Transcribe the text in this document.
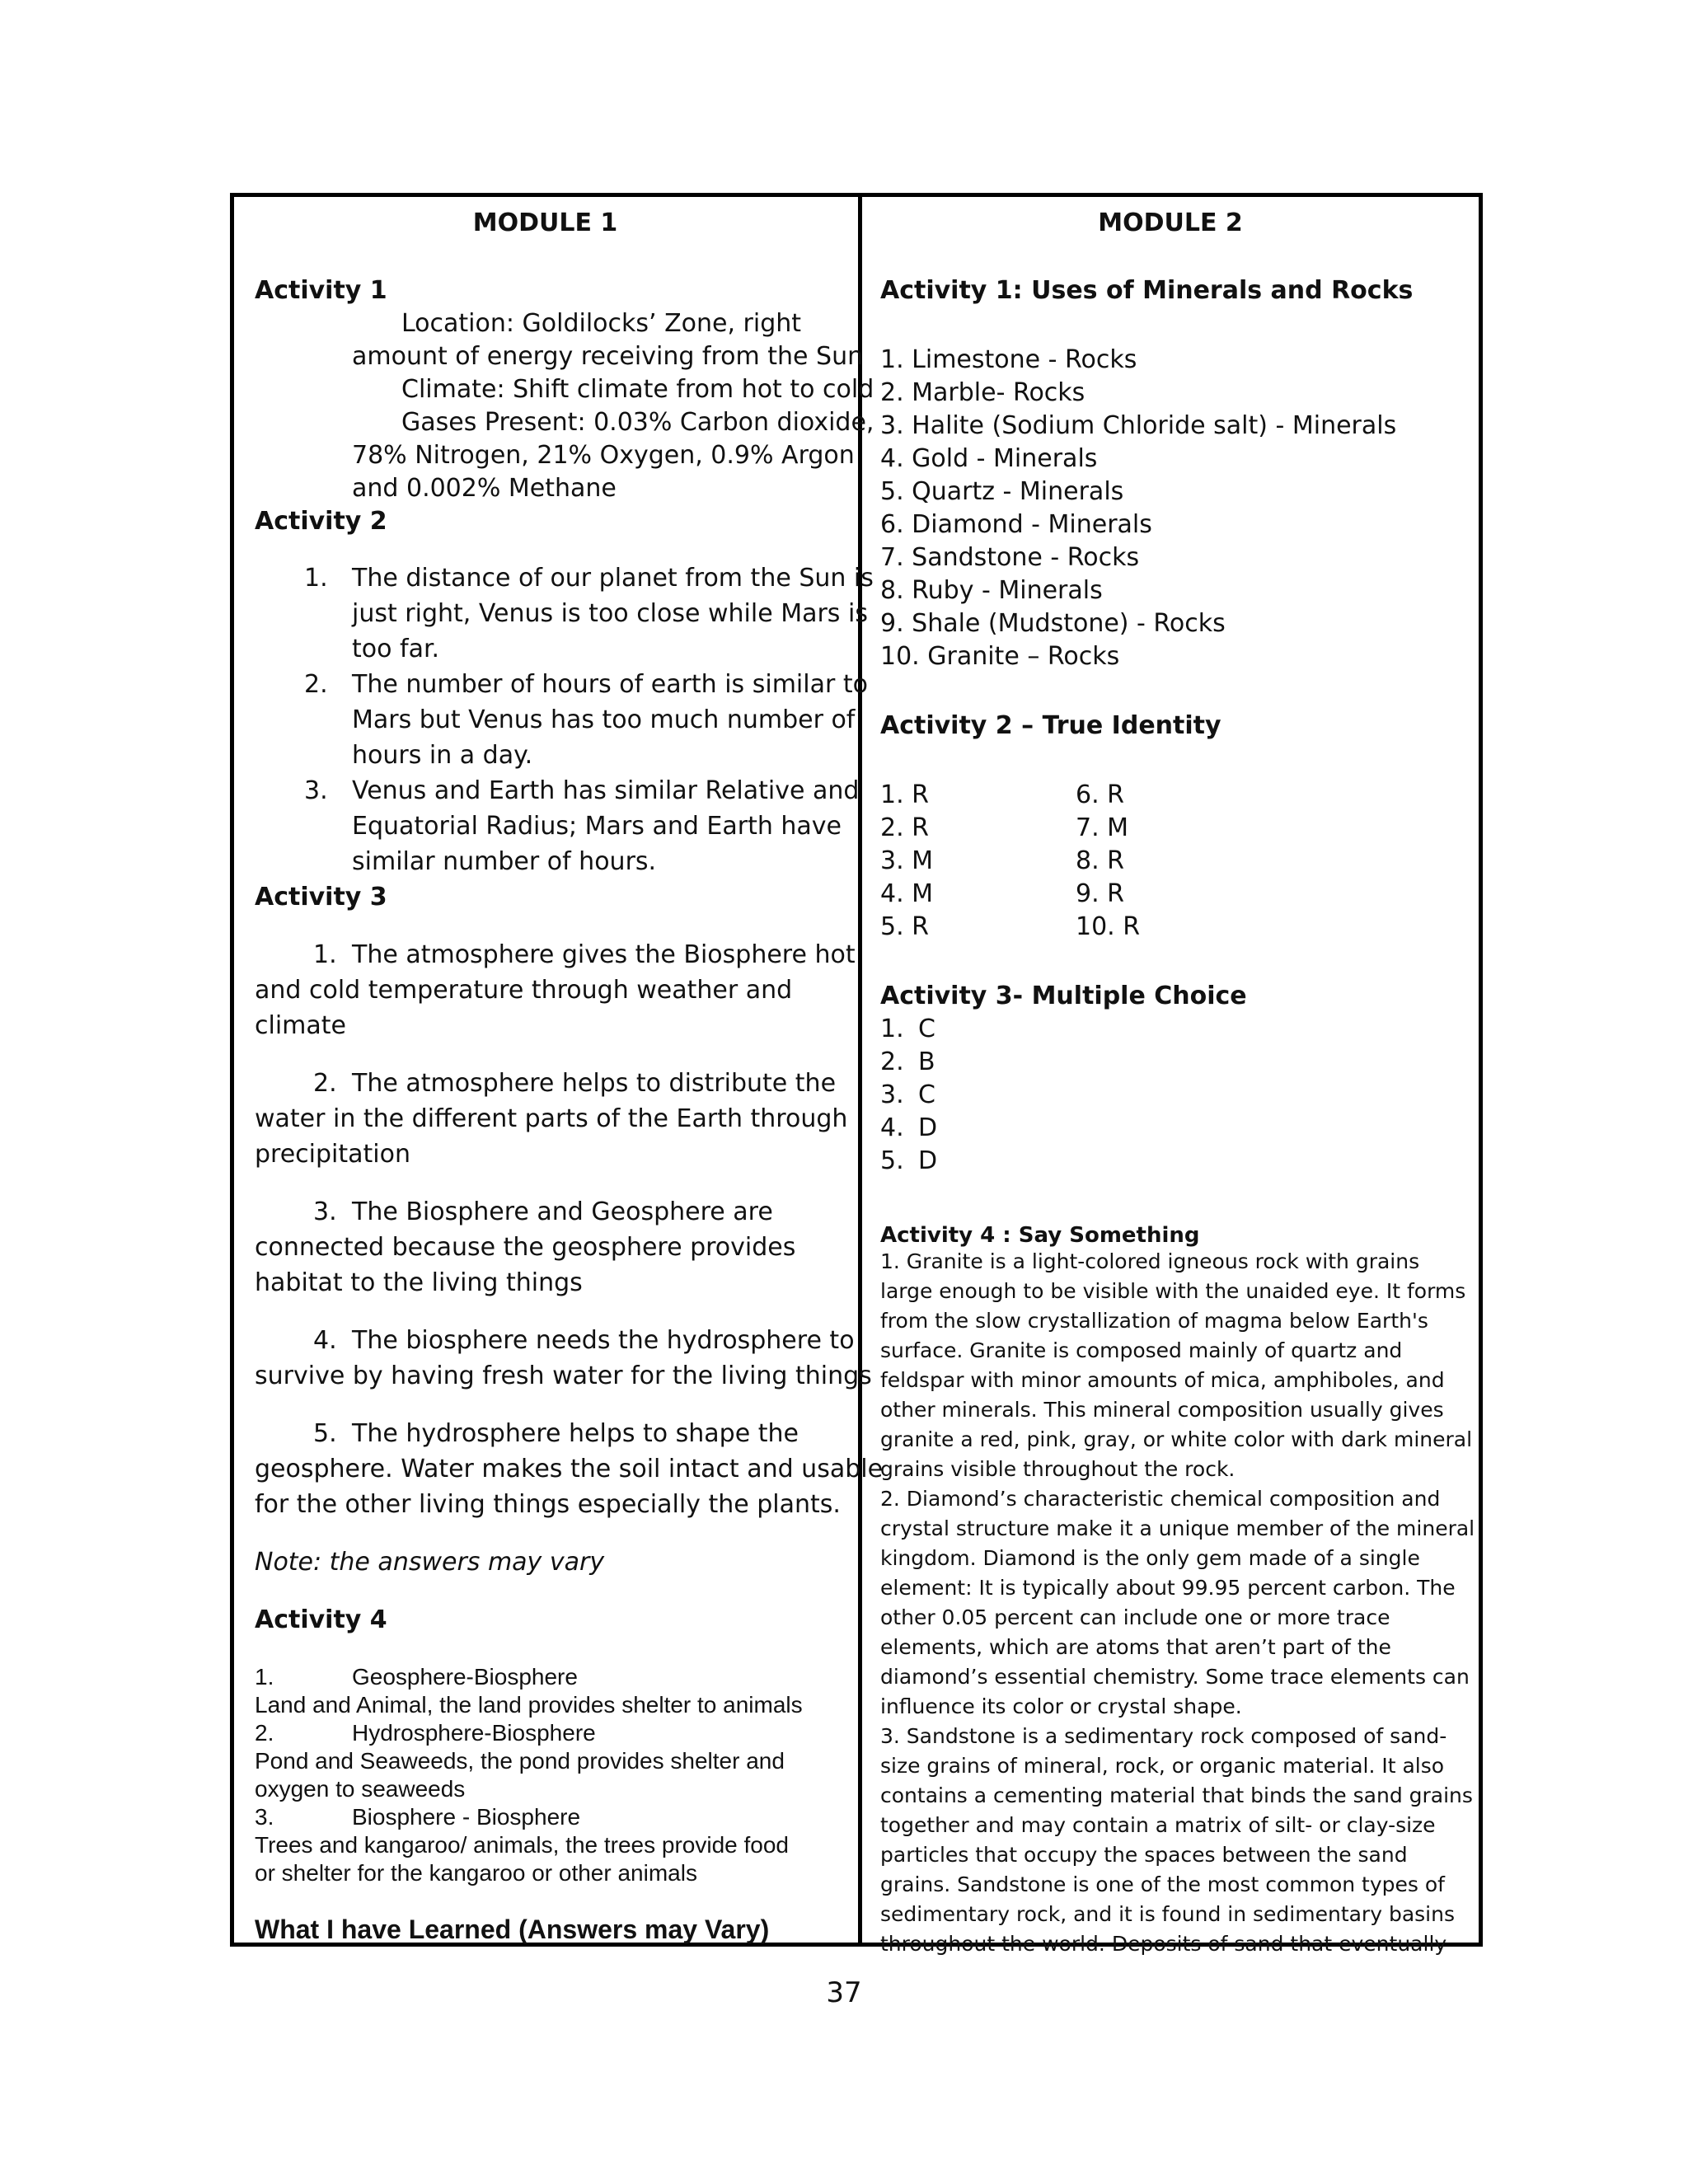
MODULE 1
Activity 1
Location: Goldilocks’ Zone, right
amount of energy receiving from the Sun
Climate: Shift climate from hot to cold
Gases Present: 0.03% Carbon dioxide,
78% Nitrogen, 21% Oxygen, 0.9% Argon
and 0.002% Methane
Activity 2
1. The distance of our planet from the Sun is
just right, Venus is too close while Mars is
too far.
2. The number of hours of earth is similar to
Mars but Venus has too much number of
hours in a day.
3. Venus and Earth has similar Relative and
Equatorial Radius; Mars and Earth have
similar number of hours.
Activity 3
1. The atmosphere gives the Biosphere hot
and cold temperature through weather and
climate
2. The atmosphere helps to distribute the
water in the different parts of the Earth through
precipitation
3. The Biosphere and Geosphere are
connected because the geosphere provides
habitat to the living things
4. The biosphere needs the hydrosphere to
survive by having fresh water for the living things
5. The hydrosphere helps to shape the
geosphere. Water makes the soil intact and usable
for the other living things especially the plants.
Note: the answers may vary
Activity 4
1.	Geosphere-Biosphere
Land and Animal, the land provides shelter to animals
2.	Hydrosphere-Biosphere
Pond and Seaweeds, the pond provides shelter and
oxygen to seaweeds
3.	Biosphere - Biosphere
Trees and kangaroo/ animals, the trees provide food
or shelter for the kangaroo or other animals
What I have Learned (Answers may Vary)
MODULE 2
Activity 1: Uses of Minerals and Rocks
1. Limestone - Rocks
2. Marble- Rocks
3. Halite (Sodium Chloride salt) - Minerals
4. Gold - Minerals
5. Quartz - Minerals
6. Diamond - Minerals
7. Sandstone - Rocks
8. Ruby - Minerals
9. Shale (Mudstone) - Rocks
10. Granite – Rocks
Activity 2 – True Identity
1. R
2. R
3. M
4. M
5. R
6. R
7. M
8. R
9. R
10. R
Activity 3- Multiple Choice
1. C
2. B
3. C
4. D
5. D
Activity 4 : Say Something
1. Granite is a light-colored igneous rock with grains
large enough to be visible with the unaided eye. It forms
from the slow crystallization of magma below Earth's
surface. Granite is composed mainly of quartz and
feldspar with minor amounts of mica, amphiboles, and
other minerals. This mineral composition usually gives
granite a red, pink, gray, or white color with dark mineral
grains visible throughout the rock.
2. Diamond’s characteristic chemical composition and
crystal structure make it a unique member of the mineral
kingdom. Diamond is the only gem made of a single
element: It is typically about 99.95 percent carbon. The
other 0.05 percent can include one or more trace
elements, which are atoms that aren’t part of the
diamond’s essential chemistry. Some trace elements can
influence its color or crystal shape.
3. Sandstone is a sedimentary rock composed of sand-
size grains of mineral, rock, or organic material. It also
contains a cementing material that binds the sand grains
together and may contain a matrix of silt- or clay-size
particles that occupy the spaces between the sand
grains. Sandstone is one of the most common types of
sedimentary rock, and it is found in sedimentary basins
throughout the world. Deposits of sand that eventually
37
